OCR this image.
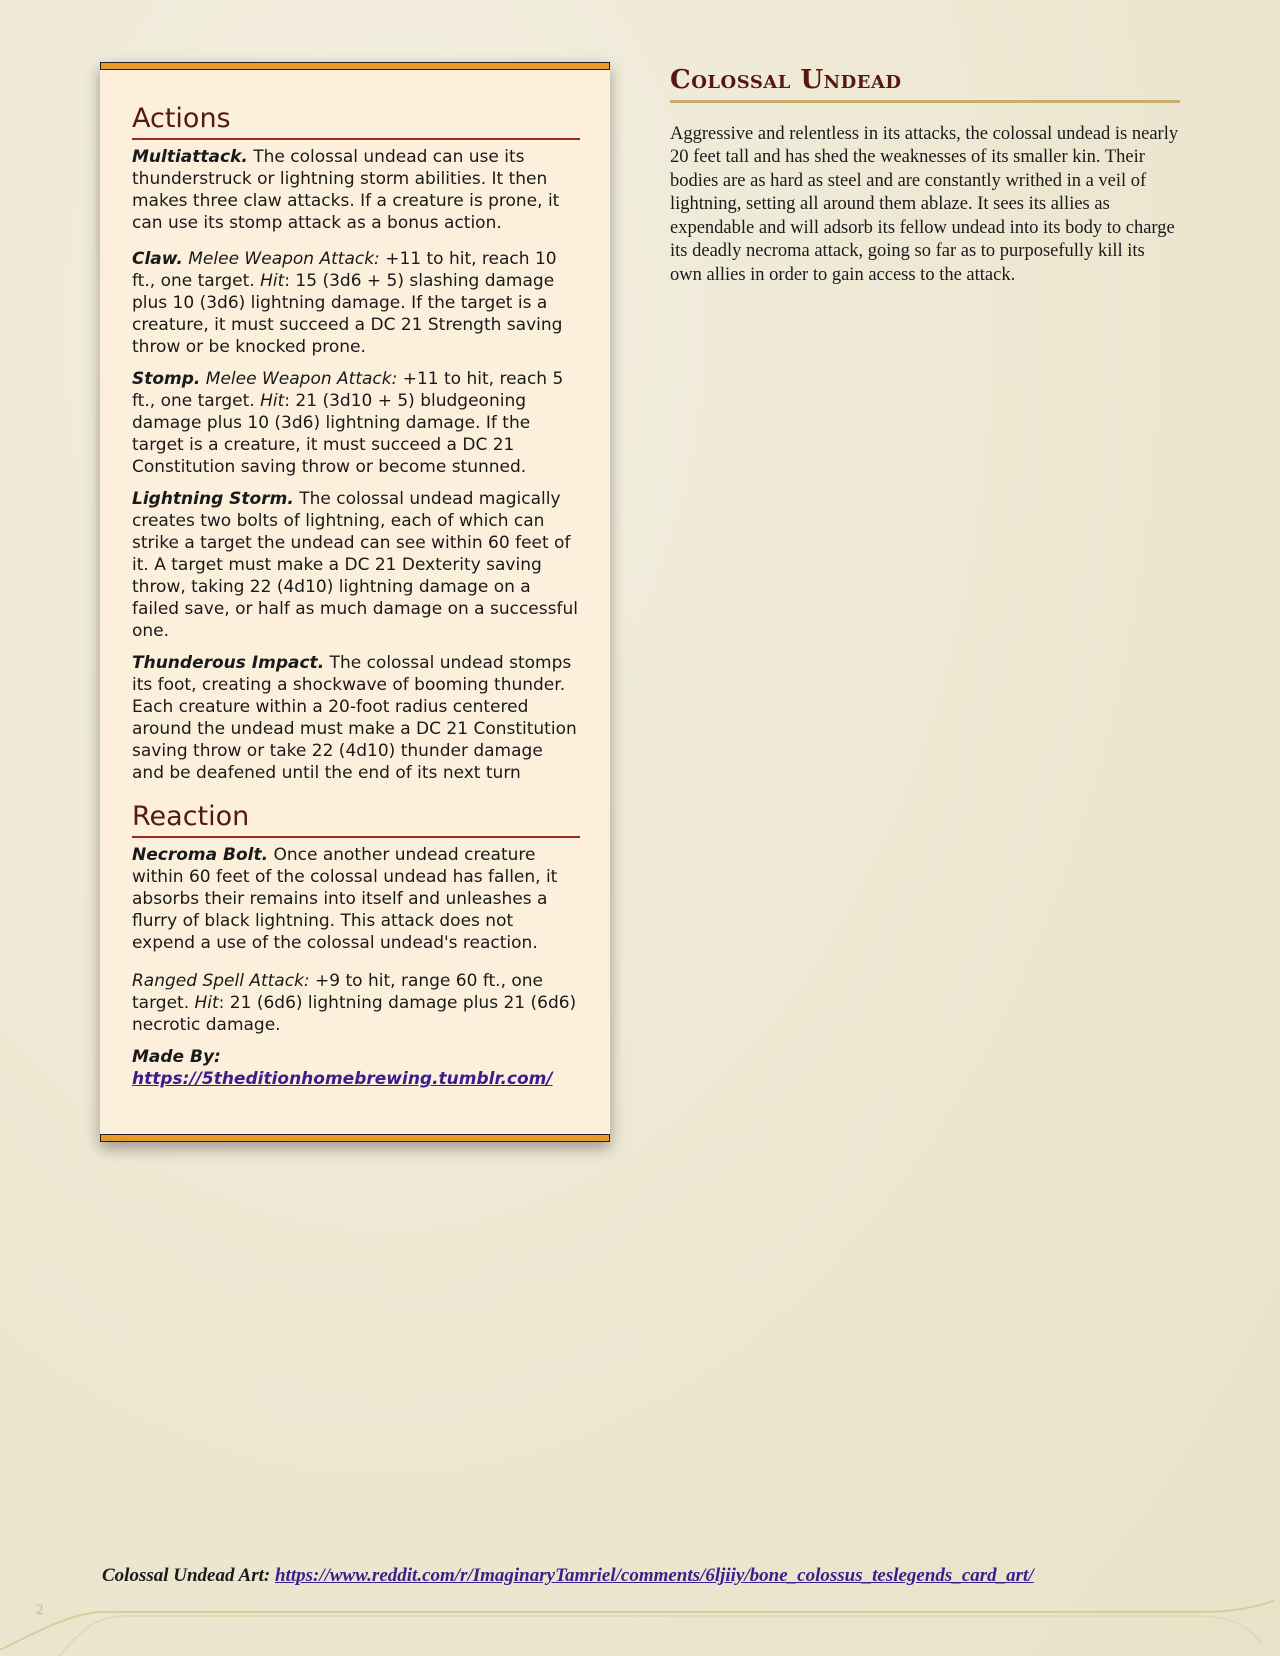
Actions

Multiattack. The colossal undead can use its thunderstruck or lightning storm abilities. It then makes three claw attacks. If a creature is prone, it can use its stomp attack as a bonus action.

Claw. Melee Weapon Attack: +11 to hit, reach 10 ft., one target. Hit: 15 (3d6 + 5) slashing damage plus 10 (3d6) lightning damage. If the target is a creature, it must succeed a DC 21 Strength saving throw or be knocked prone.

Stomp. Melee Weapon Attack: +11 to hit, reach 5 ft., one target. Hit: 21 (3d10 + 5) bludgeoning damage plus 10 (3d6) lightning damage. If the target is a creature, it must succeed a DC 21 Constitution saving throw or become stunned.

Lightning Storm. The colossal undead magically creates two bolts of lightning, each of which can strike a target the undead can see within 60 feet of it. A target must make a DC 21 Dexterity saving throw, taking 22 (4d10) lightning damage on a failed save, or half as much damage on a successful one.

Thunderous Impact. The colossal undead stomps its foot, creating a shockwave of booming thunder. Each creature within a 20-foot radius centered around the undead must make a DC 21 Constitution saving throw or take 22 (4d10) thunder damage and be deafened until the end of its next turn

Reaction

Necroma Bolt. Once another undead creature within 60 feet of the colossal undead has fallen, it absorbs their remains into itself and unleashes a flurry of black lightning. This attack does not expend a use of the colossal undead's reaction.

Ranged Spell Attack: +9 to hit, range 60 ft., one target. Hit: 21 (6d6) lightning damage plus 21 (6d6) necrotic damage.

Made By:
https://5theditionhomebrewing.tumblr.com/
Colossal Undead

Aggressive and relentless in its attacks, the colossal undead is nearly 20 feet tall and has shed the weaknesses of its smaller kin. Their bodies are as hard as steel and are constantly writhed in a veil of lightning, setting all around them ablaze. It sees its allies as expendable and will adsorb its fellow undead into its body to charge its deadly necroma attack, going so far as to purposefully kill its own allies in order to gain access to the attack.

Colossal Undead Art: https://www.reddit.com/r/ImaginaryTamriel/comments/6ljiiy/bone_colossus_teslegends_card_art/
2
